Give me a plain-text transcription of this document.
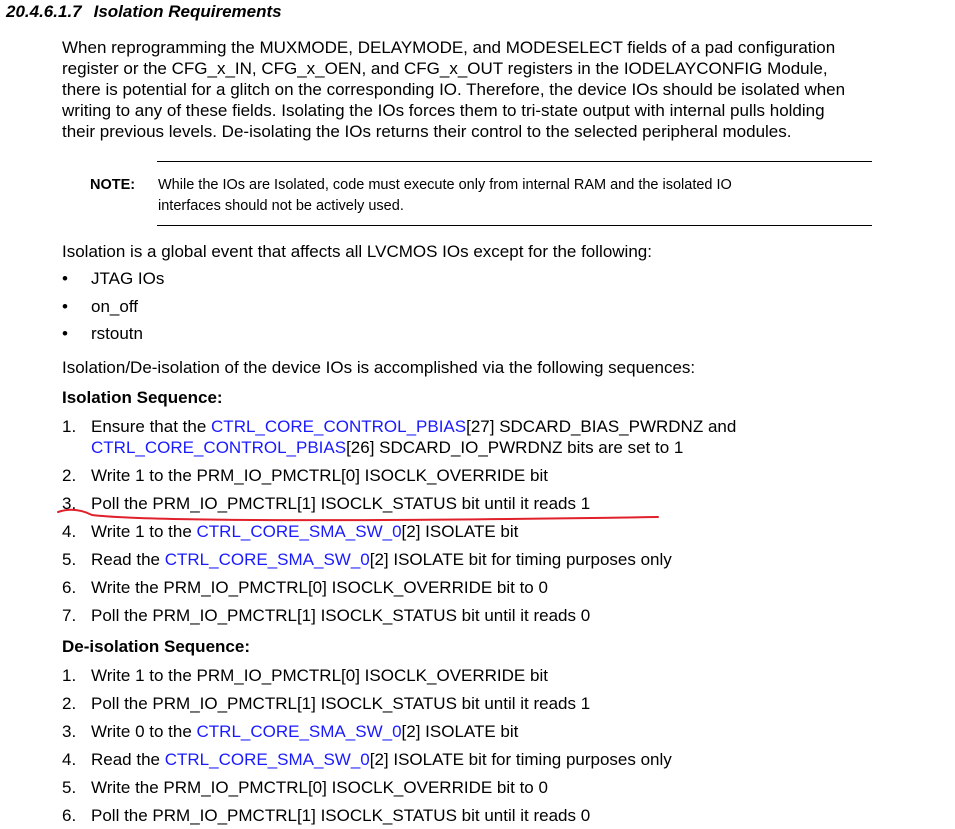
20.4.6.1.7 Isolation Requirements
When reprogramming the MUXMODE, DELAYMODE, and MODESELECT fields of a pad configuration
register or the CFG_x_IN, CFG_x_OEN, and CFG_x_OUT registers in the IODELAYCONFIG Module,
there is potential for a glitch on the corresponding IO. Therefore, the device IOs should be isolated when
writing to any of these fields. Isolating the IOs forces them to tri-state output with internal pulls holding
their previous levels. De-isolating the IOs returns their control to the selected peripheral modules.
NOTE: While the IOs are Isolated, code must execute only from internal RAM and the isolated IO
interfaces should not be actively used.
Isolation is a global event that affects all LVCMOS IOs except for the following:
• JTAG IOs
• on_off
• rstoutn
Isolation/De-isolation of the device IOs is accomplished via the following sequences:
Isolation Sequence:
1. Ensure that the CTRL_CORE_CONTROL_PBIAS[27] SDCARD_BIAS_PWRDNZ and
CTRL_CORE_CONTROL_PBIAS[26] SDCARD_IO_PWRDNZ bits are set to 1
2. Write 1 to the PRM_IO_PMCTRL[0] ISOCLK_OVERRIDE bit
3. Poll the PRM_IO_PMCTRL[1] ISOCLK_STATUS bit until it reads 1
4. Write 1 to the CTRL_CORE_SMA_SW_0[2] ISOLATE bit
5. Read the CTRL_CORE_SMA_SW_0[2] ISOLATE bit for timing purposes only
6. Write the PRM_IO_PMCTRL[0] ISOCLK_OVERRIDE bit to 0
7. Poll the PRM_IO_PMCTRL[1] ISOCLK_STATUS bit until it reads 0
De-isolation Sequence:
1. Write 1 to the PRM_IO_PMCTRL[0] ISOCLK_OVERRIDE bit
2. Poll the PRM_IO_PMCTRL[1] ISOCLK_STATUS bit until it reads 1
3. Write 0 to the CTRL_CORE_SMA_SW_0[2] ISOLATE bit
4. Read the CTRL_CORE_SMA_SW_0[2] ISOLATE bit for timing purposes only
5. Write the PRM_IO_PMCTRL[0] ISOCLK_OVERRIDE bit to 0
6. Poll the PRM_IO_PMCTRL[1] ISOCLK_STATUS bit until it reads 0
